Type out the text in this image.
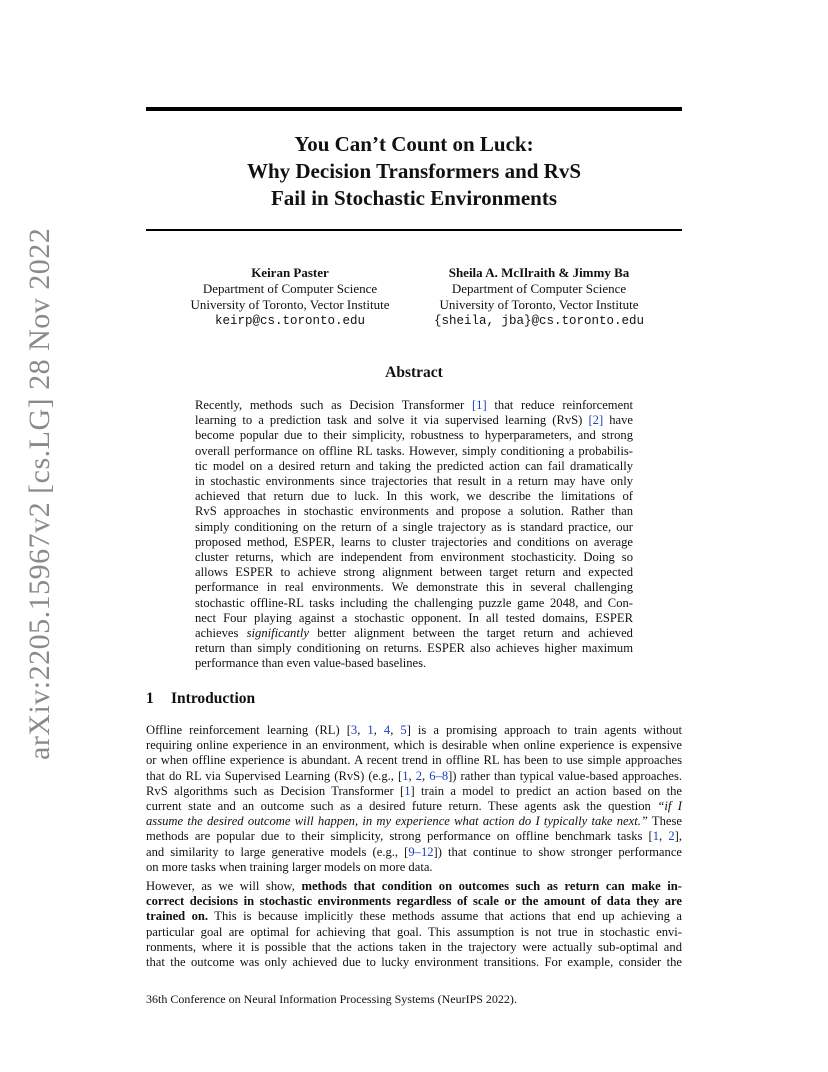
arXiv:2205.15967v2 [cs.LG] 28 Nov 2022
You Can’t Count on Luck:
Why Decision Transformers and RvS
Fail in Stochastic Environments
Keiran Paster
Department of Computer Science
University of Toronto, Vector Institute
keirp@cs.toronto.edu
Sheila A. McIlraith & Jimmy Ba
Department of Computer Science
University of Toronto, Vector Institute
{sheila, jba}@cs.toronto.edu
Abstract
Recently, methods such as Decision Transformer [1] that reduce reinforcement
learning to a prediction task and solve it via supervised learning (RvS) [2] have
become popular due to their simplicity, robustness to hyperparameters, and strong
overall performance on offline RL tasks. However, simply conditioning a probabilis-
tic model on a desired return and taking the predicted action can fail dramatically
in stochastic environments since trajectories that result in a return may have only
achieved that return due to luck. In this work, we describe the limitations of
RvS approaches in stochastic environments and propose a solution. Rather than
simply conditioning on the return of a single trajectory as is standard practice, our
proposed method, ESPER, learns to cluster trajectories and conditions on average
cluster returns, which are independent from environment stochasticity. Doing so
allows ESPER to achieve strong alignment between target return and expected
performance in real environments. We demonstrate this in several challenging
stochastic offline-RL tasks including the challenging puzzle game 2048, and Con-
nect Four playing against a stochastic opponent. In all tested domains, ESPER
achieves significantly better alignment between the target return and achieved
return than simply conditioning on returns. ESPER also achieves higher maximum
performance than even value-based baselines.
1 Introduction
Offline reinforcement learning (RL) [3, 1, 4, 5] is a promising approach to train agents without
requiring online experience in an environment, which is desirable when online experience is expensive
or when offline experience is abundant. A recent trend in offline RL has been to use simple approaches
that do RL via Supervised Learning (RvS) (e.g., [1, 2, 6–8]) rather than typical value-based approaches.
RvS algorithms such as Decision Transformer [1] train a model to predict an action based on the
current state and an outcome such as a desired future return. These agents ask the question “if I
assume the desired outcome will happen, in my experience what action do I typically take next.” These
methods are popular due to their simplicity, strong performance on offline benchmark tasks [1, 2],
and similarity to large generative models (e.g., [9–12]) that continue to show stronger performance
on more tasks when training larger models on more data.
However, as we will show, methods that condition on outcomes such as return can make in-
correct decisions in stochastic environments regardless of scale or the amount of data they are
trained on. This is because implicitly these methods assume that actions that end up achieving a
particular goal are optimal for achieving that goal. This assumption is not true in stochastic envi-
ronments, where it is possible that the actions taken in the trajectory were actually sub-optimal and
that the outcome was only achieved due to lucky environment transitions. For example, consider the
36th Conference on Neural Information Processing Systems (NeurIPS 2022).
